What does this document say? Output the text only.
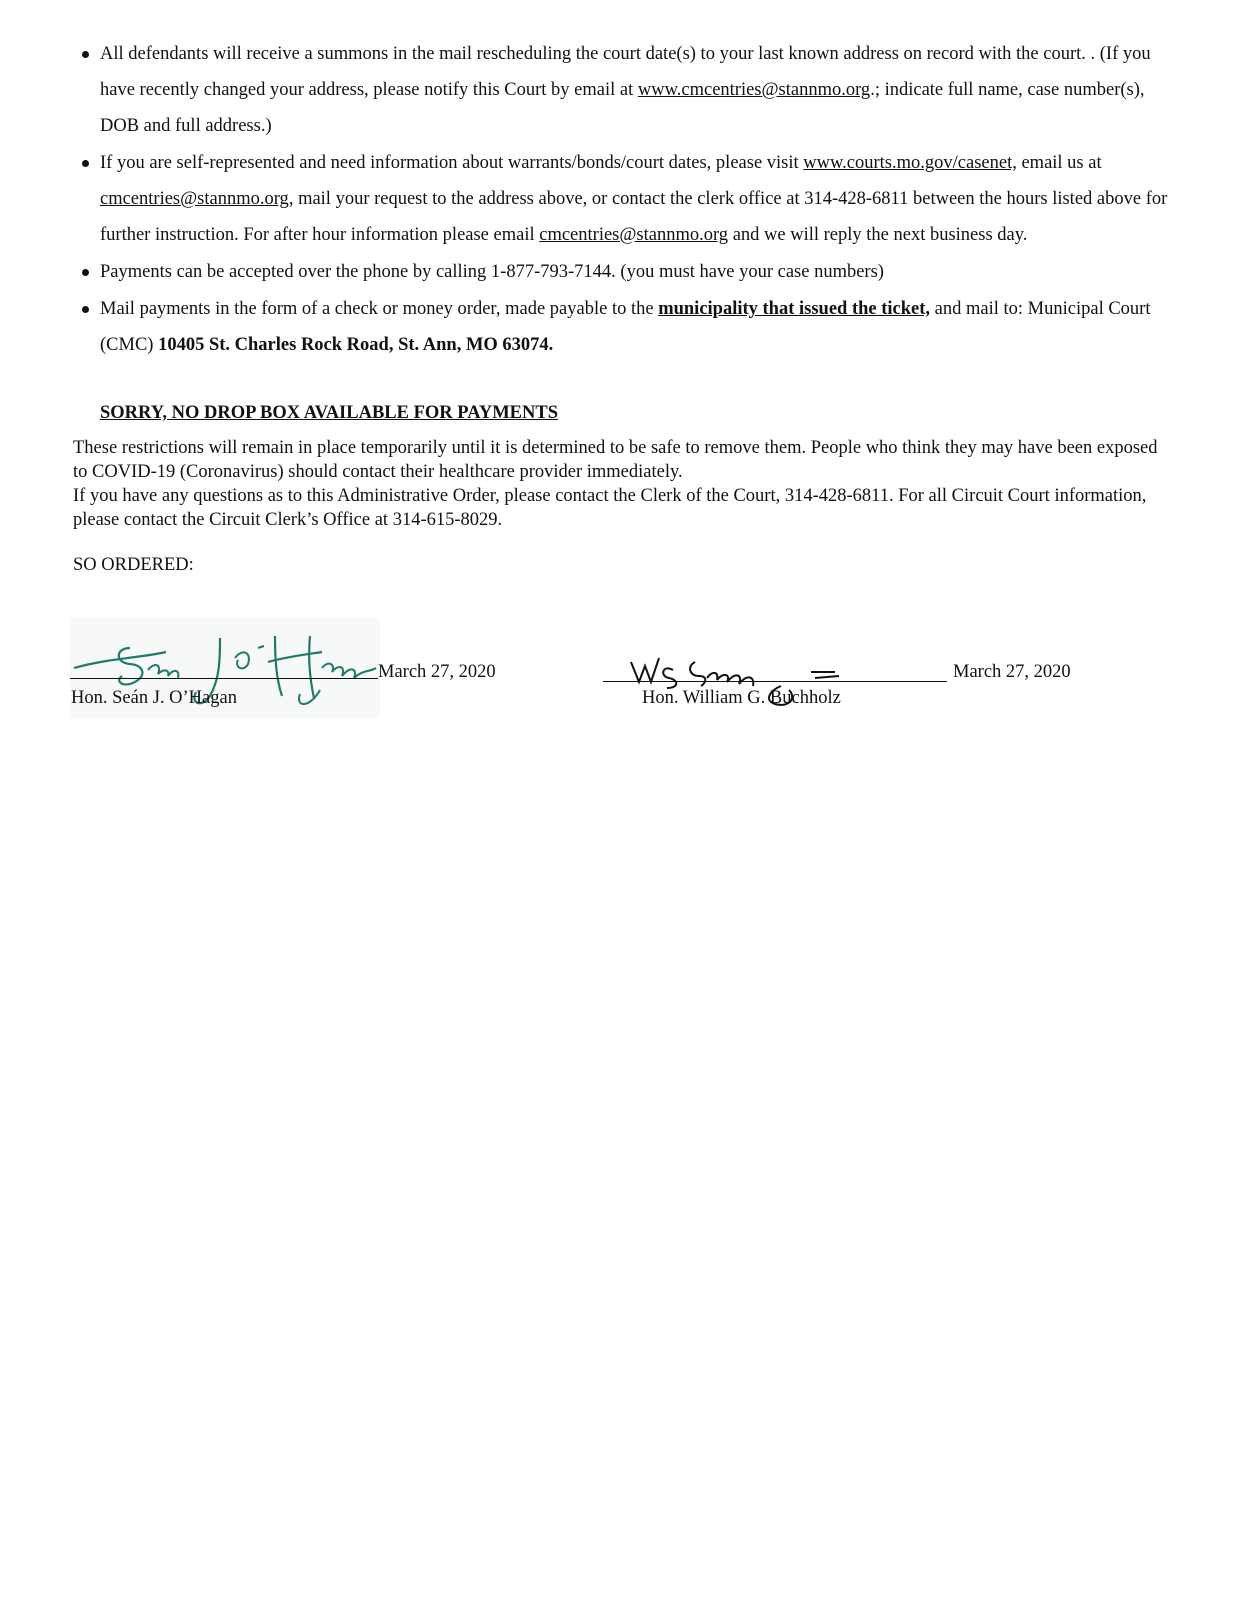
All defendants will receive a summons in the mail rescheduling the court date(s) to your last known address on record with the court. . (If you have recently changed your address, please notify this Court by email at www.cmcentries@stannmo.org.; indicate full name, case number(s), DOB and full address.)
If you are self-represented and need information about warrants/bonds/court dates, please visit www.courts.mo.gov/casenet, email us at cmcentries@stannmo.org, mail your request to the address above, or contact the clerk office at 314-428-6811 between the hours listed above for further instruction. For after hour information please email cmcentries@stannmo.org and we will reply the next business day.
Payments can be accepted over the phone by calling 1-877-793-7144. (you must have your case numbers)
Mail payments in the form of a check or money order, made payable to the municipality that issued the ticket, and mail to: Municipal Court (CMC) 10405 St. Charles Rock Road, St. Ann, MO 63074.
SORRY, NO DROP BOX AVAILABLE FOR PAYMENTS
These restrictions will remain in place temporarily until it is determined to be safe to remove them. People who think they may have been exposed to COVID-19 (Coronavirus) should contact their healthcare provider immediately.
If you have any questions as to this Administrative Order, please contact the Clerk of the Court, 314-428-6811. For all Circuit Court information, please contact the Circuit Clerk’s Office at 314-615-8029.
SO ORDERED:
March 27, 2020
Hon. Seán J. O’Hagan
March 27, 2020
Hon. William G. Buchholz
